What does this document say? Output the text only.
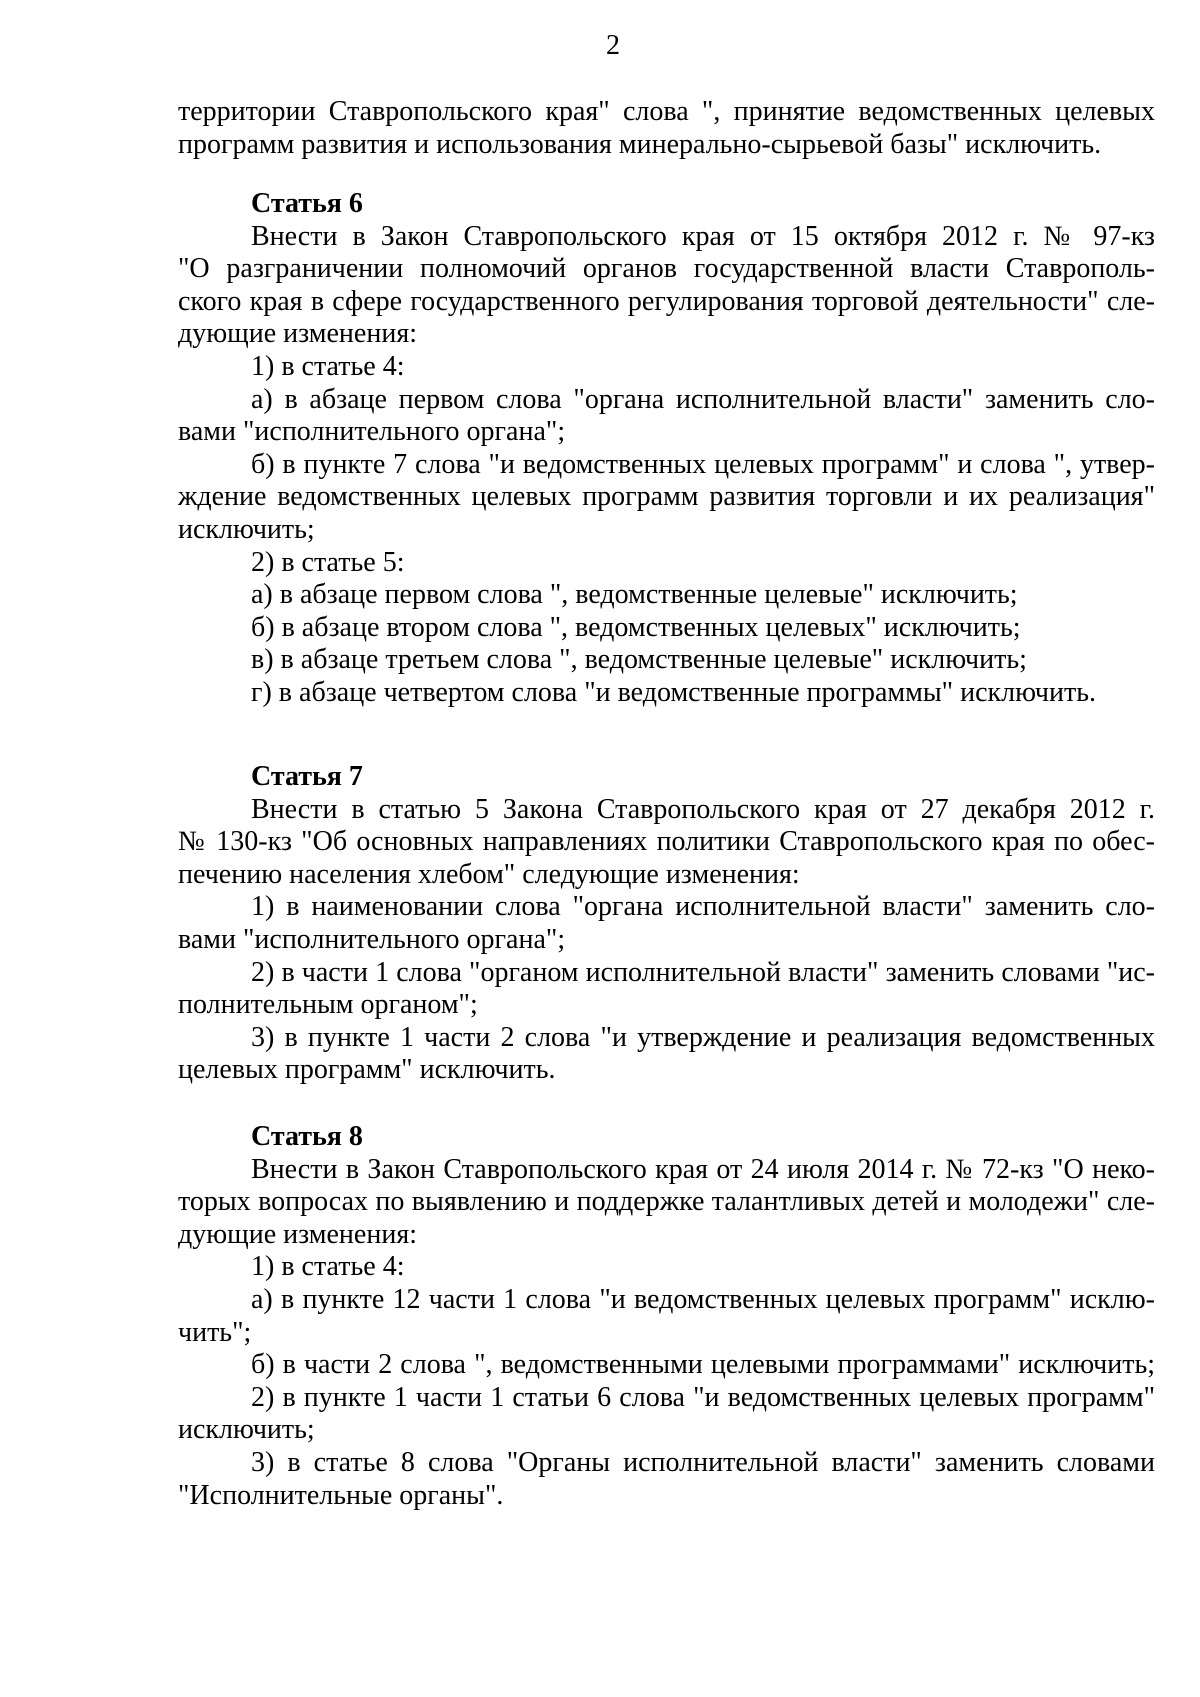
2

территории Ставропольского края" слова ", принятие ведомственных целевых

программ развития и использования минерально-сырьевой базы" исключить.

Статья 6

Внести в Закон Ставропольского края от 15 октября 2012 г. № 97-кз

"О разграничении полномочий органов государственной власти Ставрополь-

ского края в сфере государственного регулирования торговой деятельности" сле-

дующие изменения:

1) в статье 4:

а) в абзаце первом слова "органа исполнительной власти" заменить сло-

вами "исполнительного органа";

б) в пункте 7 слова "и ведомственных целевых программ" и слова ", утвер-

ждение ведомственных целевых программ развития торговли и их реализация"

исключить;

2) в статье 5:

а) в абзаце первом слова ", ведомственные целевые" исключить;

б) в абзаце втором слова ", ведомственных целевых" исключить;

в) в абзаце третьем слова ", ведомственные целевые" исключить;

г) в абзаце четвертом слова "и ведомственные программы" исключить.

Статья 7

Внести в статью 5 Закона Ставропольского края от 27 декабря 2012 г.

№ 130-кз "Об основных направлениях политики Ставропольского края по обес-

печению населения хлебом" следующие изменения:

1) в наименовании слова "органа исполнительной власти" заменить сло-

вами "исполнительного органа";

2) в части 1 слова "органом исполнительной власти" заменить словами "ис-

полнительным органом";

3) в пункте 1 части 2 слова "и утверждение и реализация ведомственных

целевых программ" исключить.

Статья 8

Внести в Закон Ставропольского края от 24 июля 2014 г. № 72-кз "О неко-

торых вопросах по выявлению и поддержке талантливых детей и молодежи" сле-

дующие изменения:

1) в статье 4:

а) в пункте 12 части 1 слова "и ведомственных целевых программ" исклю-

чить";

б) в части 2 слова ", ведомственными целевыми программами" исключить;

2) в пункте 1 части 1 статьи 6 слова "и ведомственных целевых программ"

исключить;

3) в статье 8 слова "Органы исполнительной власти" заменить словами

"Исполнительные органы".
